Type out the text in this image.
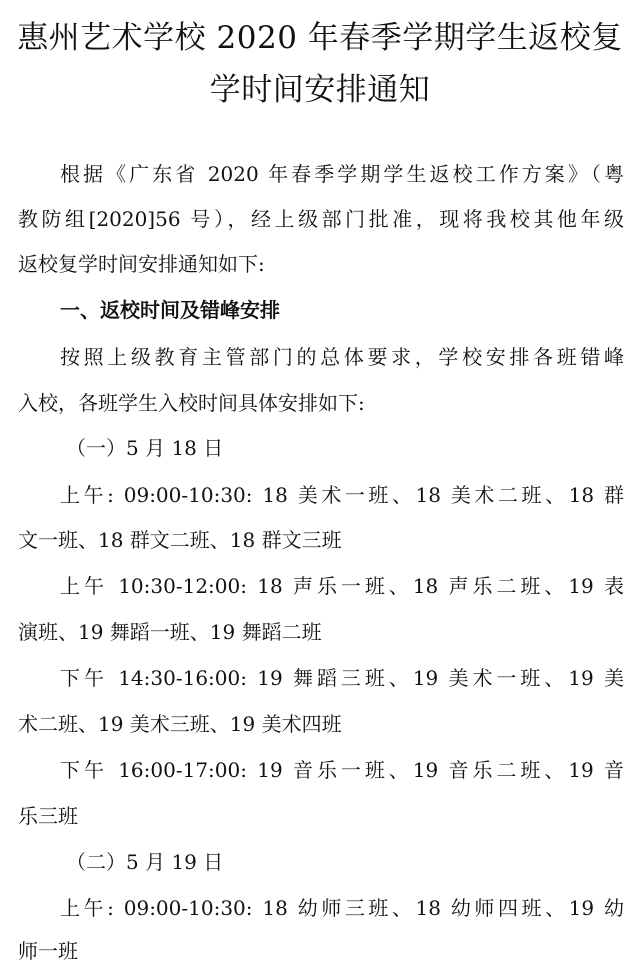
惠州艺术学校 2020 年春季学期学生返校复
学时间安排通知
根据《广东省 2020 年春季学期学生返校工作方案》（粤
教防组[2020]56 号），经上级部门批准，现将我校其他年级
返校复学时间安排通知如下:
一、返校时间及错峰安排
按照上级教育主管部门的总体要求，学校安排各班错峰
入校，各班学生入校时间具体安排如下:
（一）5 月 18 日
上午: 09:00-10:30: 18 美术一班、18 美术二班、18 群
文一班、18 群文二班、18 群文三班
上午 10:30-12:00: 18 声乐一班、18 声乐二班、19 表
演班、19 舞蹈一班、19 舞蹈二班
下午 14:30-16:00: 19 舞蹈三班、19 美术一班、19 美
术二班、19 美术三班、19 美术四班
下午 16:00-17:00: 19 音乐一班、19 音乐二班、19 音
乐三班
（二）5 月 19 日
上午: 09:00-10:30: 18 幼师三班、18 幼师四班、19 幼
师一班
